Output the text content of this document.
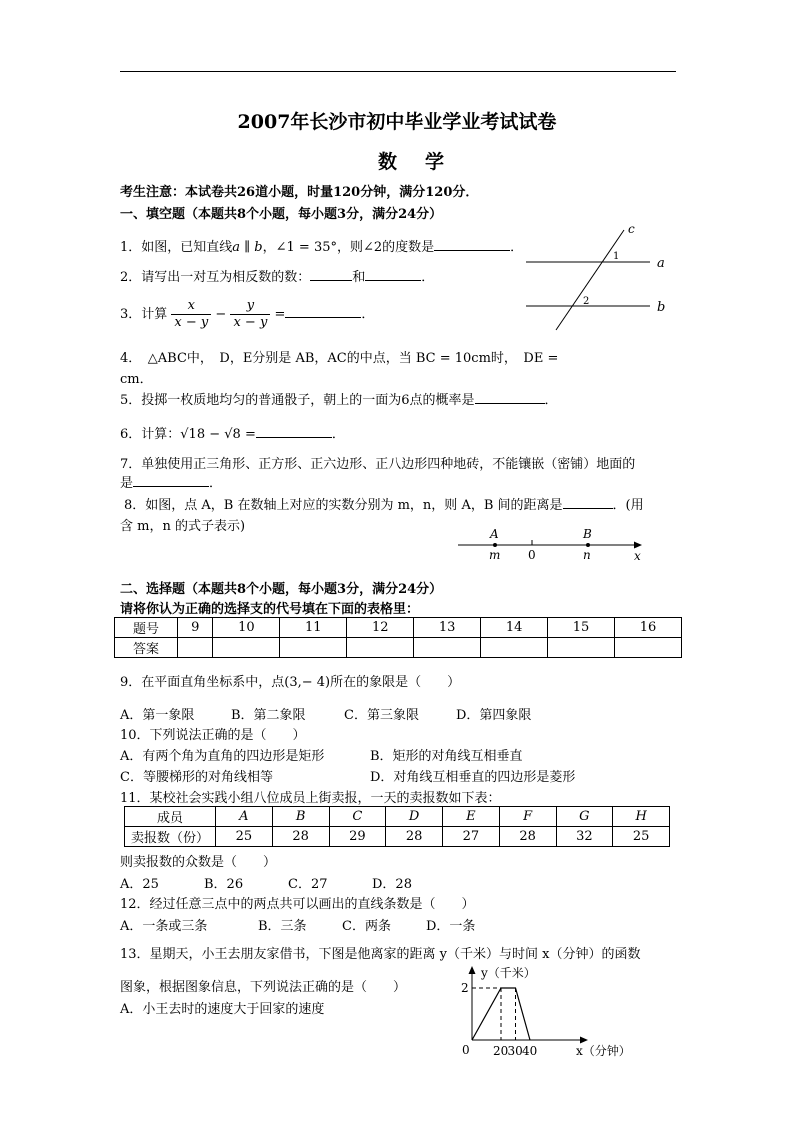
2007年长沙市初中毕业学业考试试卷
数学
考生注意：本试卷共26道小题，时量120分钟，满分120分．
一、填空题（本题共8个小题，每小题3分，满分24分）
1．如图，已知直线a ∥ b，∠1 = 35°，则∠2的度数是	．
2．请写出一对互为相反数的数：	和	．
3．计算 $\frac{x}{x - y} - \frac{y}{x - y}$ =	．
c
a
b
1
2
4．　△ABC中，　D，E分别是 AB，AC的中点，当 BC = 10cm时，　DE =
cm．
5．投掷一枚质地均匀的普通骰子，朝上的一面为6点的概率是	．
6．计算：√18 − √8 =	．
7．单独使用正三角形、正方形、正六边形、正八边形四种地砖，不能镶嵌（密铺）地面的
是	．
8．如图，点 A，B 在数轴上对应的实数分别为 m，n，则 A，B 间的距离是	．(用
含 m，n 的式子表示)	A	B
m 0	n	x
二、选择题（本题共8个小题，每小题3分，满分24分）
请将你认为正确的选择支的代号填在下面的表格里：
题号	9	10	11	12	13	14	15	16
答案								
9．在平面直角坐标系中，点(3,− 4)所在的象限是（　　）
A．第一象限	B．第二象限	C．第三象限	D．第四象限
10．下列说法正确的是（　　）
A．有两个角为直角的四边形是矩形	B．矩形的对角线互相垂直
C．等腰梯形的对角线相等	D．对角线互相垂直的四边形是菱形
11．某校社会实践小组八位成员上街卖报，一天的卖报数如下表：
成员	A	B	C	D	E	F	G	H
卖报数（份）	25	28	29	28	27	28	32	25
则卖报数的众数是（　　）
A．25	B．26	C．27	D．28
12．经过任意三点中的两点共可以画出的直线条数是（　　）
A．一条或三条	B．三条	C．两条	D．一条
13．星期天，小王去朋友家借书，下图是他离家的距离 y（千米）与时间 x（分钟）的函数
图象，根据图象信息，下列说法正确的是（　　）
A．小王去时的速度大于回家的速度
y（千米）
2
0 20 30 40	x（分钟）
